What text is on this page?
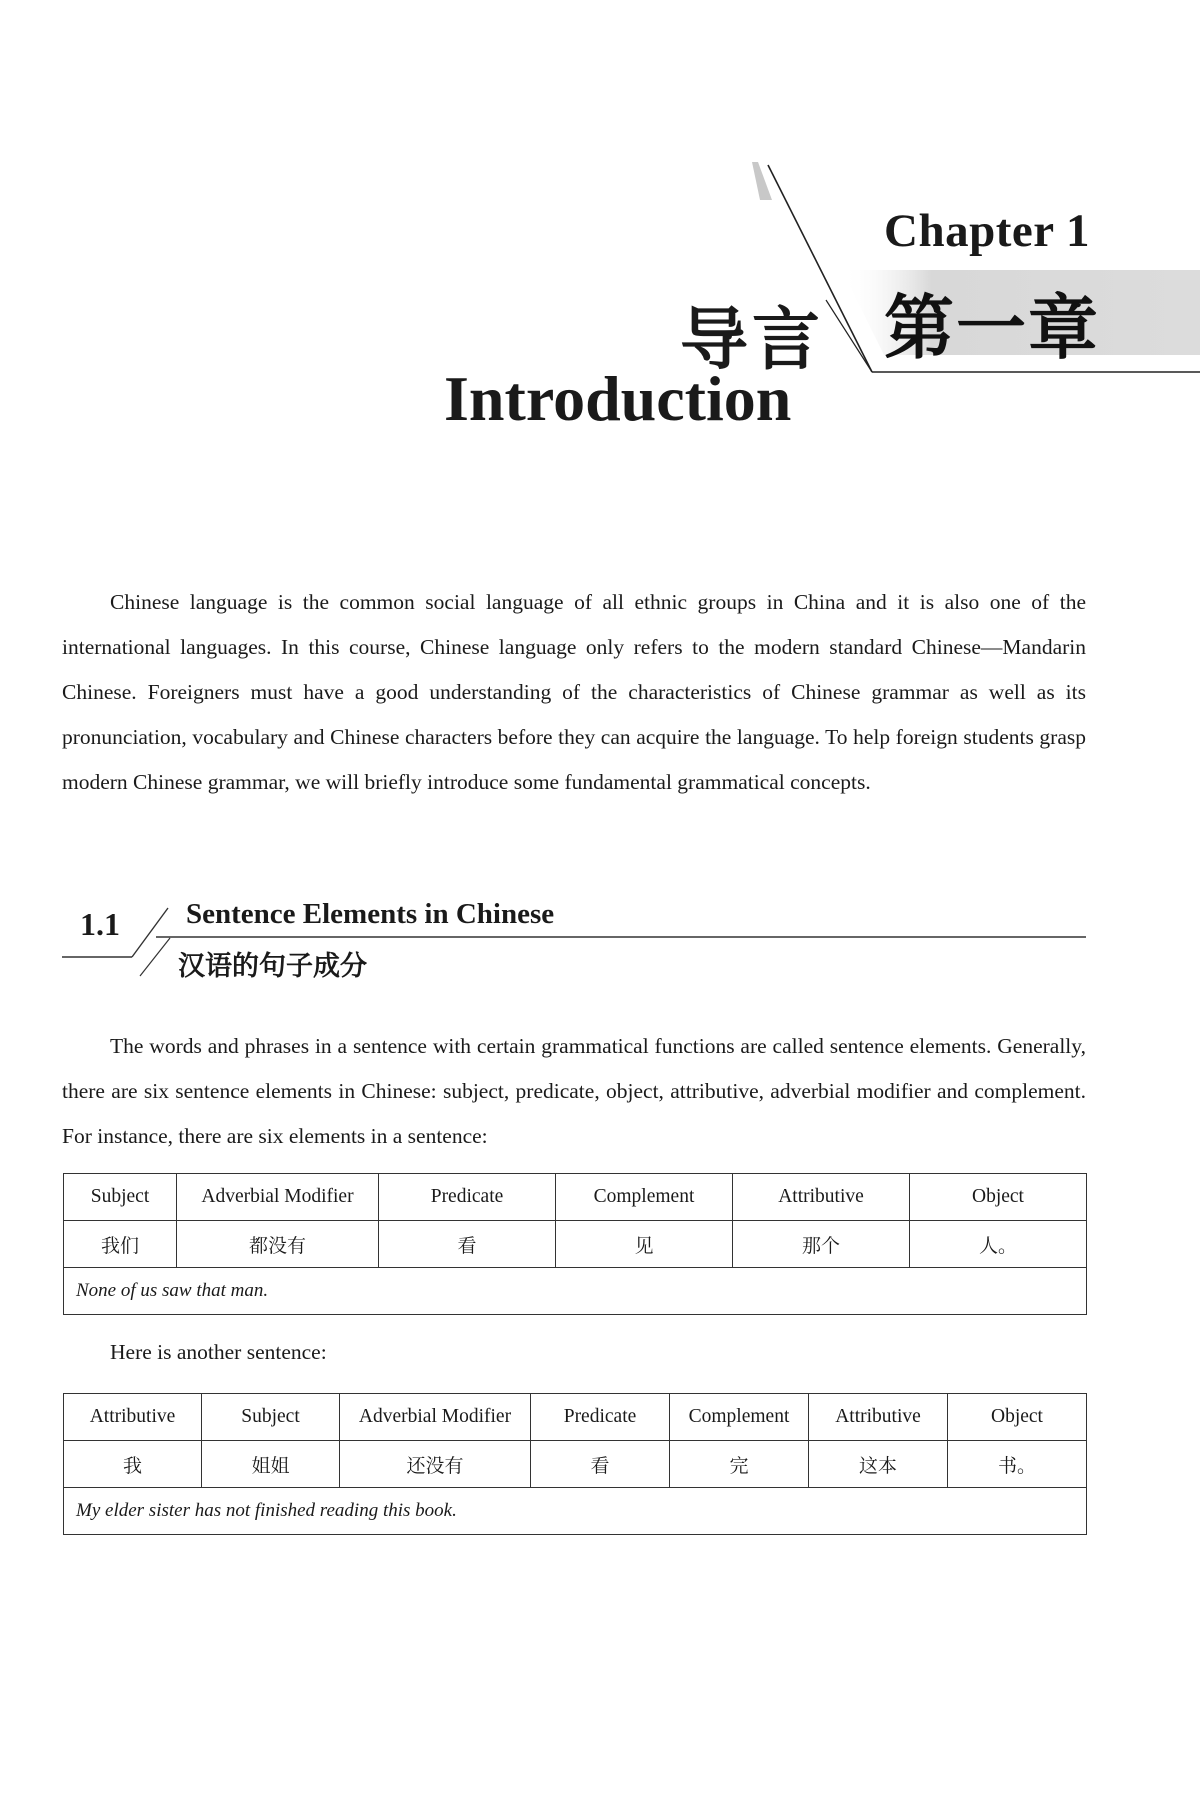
Chapter 1
第一章
导言
Introduction

Chinese language is the common social language of all ethnic groups in China and it is also one of the international languages. In this course, Chinese language only refers to the modern standard Chinese—Mandarin Chinese. Foreigners must have a good understanding of the characteristics of Chinese grammar as well as its pronunciation, vocabulary and Chinese characters before they can acquire the language. To help foreign students grasp modern Chinese grammar, we will briefly introduce some fundamental grammatical concepts.

1.1 Sentence Elements in Chinese
汉语的句子成分

The words and phrases in a sentence with certain grammatical functions are called sentence elements. Generally, there are six sentence elements in Chinese: subject, predicate, object, attributive, adverbial modifier and complement. For instance, there are six elements in a sentence:

Subject	Adverbial Modifier	Predicate	Complement	Attributive	Object
我们	都没有	看	见	那个	人。
None of us saw that man.					
Here is another sentence:
Attributive	Subject	Adverbial Modifier	Predicate	Complement	Attributive	Object
我	姐姐	还没有	看	完	这本	书。
My elder sister has not finished reading this book.						
